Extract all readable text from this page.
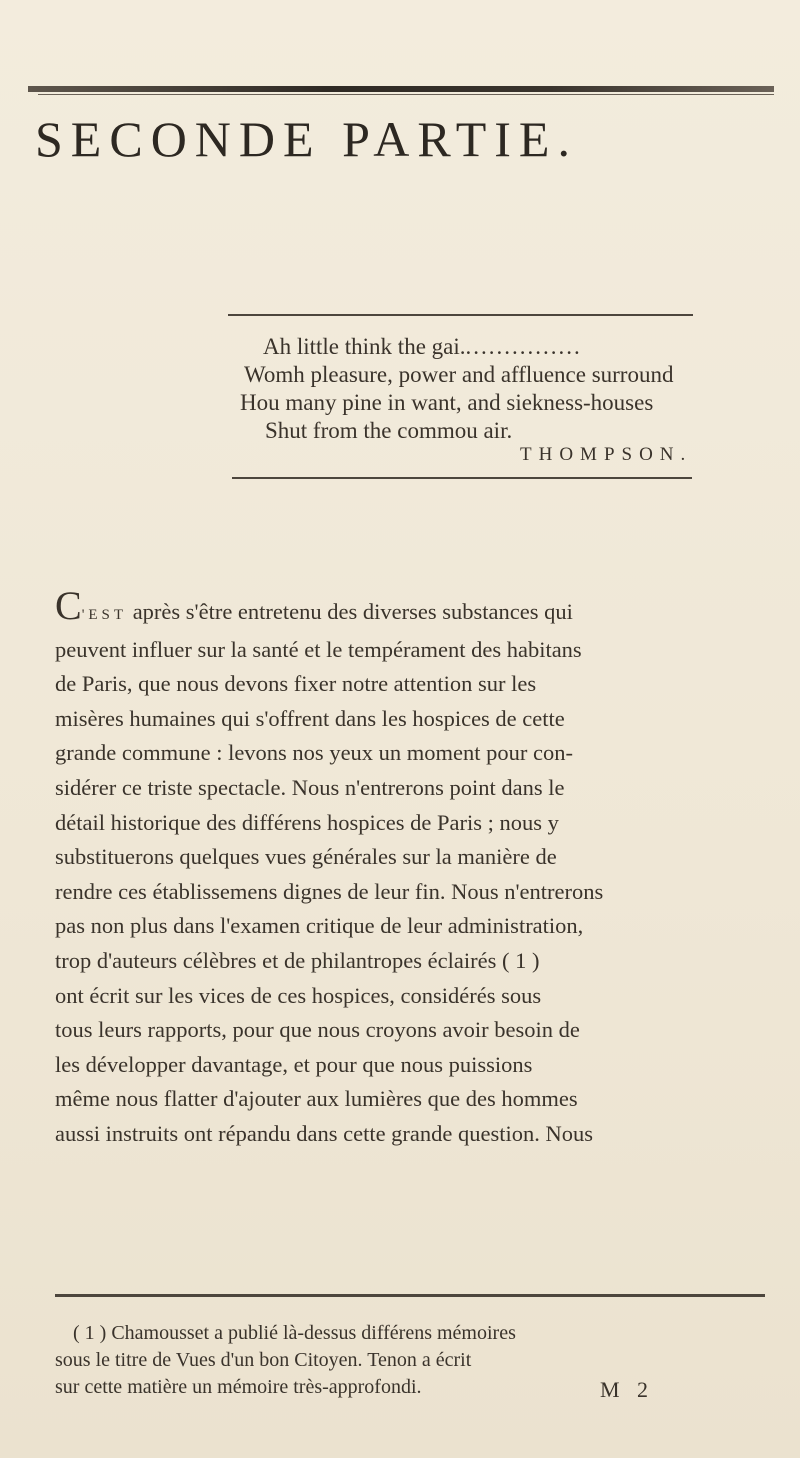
SECONDE PARTIE.
Ah little think the gai................
Womh pleasure, power and affluence surround
Hou many pine in want, and siekness-houses
Shut from the commou air.
THOMPSON.
C'EST après s'être entretenu des diverses substances qui
peuvent influer sur la santé et le tempérament des habitans
de Paris, que nous devons fixer notre attention sur les
misères humaines qui s'offrent dans les hospices de cette
grande commune : levons nos yeux un moment pour con-
sidérer ce triste spectacle. Nous n'entrerons point dans le
détail historique des différens hospices de Paris ; nous y
substituerons quelques vues générales sur la manière de
rendre ces établissemens dignes de leur fin. Nous n'entrerons
pas non plus dans l'examen critique de leur administration,
trop d'auteurs célèbres et de philantropes éclairés ( 1 )
ont écrit sur les vices de ces hospices, considérés sous
tous leurs rapports, pour que nous croyons avoir besoin de
les développer davantage, et pour que nous puissions
même nous flatter d'ajouter aux lumières que des hommes
aussi instruits ont répandu dans cette grande question. Nous
( 1 ) Chamousset a publié là-dessus différens mémoires
sous le titre de Vues d'un bon Citoyen. Tenon a écrit
sur cette matière un mémoire très-approfondi.	M 2
